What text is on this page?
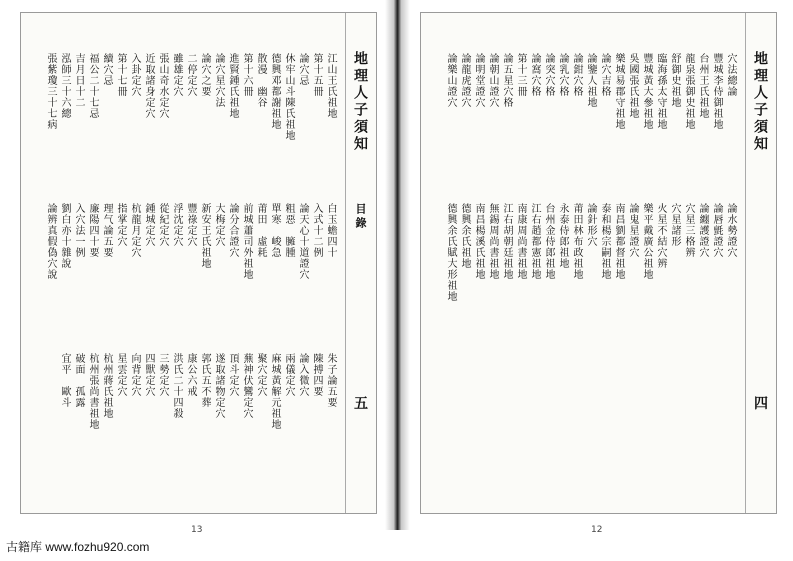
地理人子須知
目錄
五
江山王氏祖地
第十五冊
論穴忌
休牢山斗陳氏祖地
德興邓都謝祖地
散漫　幽谷
第十六冊
進賢鍾氏祖地
論穴星穴法
論穴之要
二停定穴
雖雄定穴
張山奇水定穴
近取諸身定穴
入卦定穴
第十七冊
續穴忌
福公二十七忌
吉月日十二
泓師三十六總
張紫瓊三十七病
白玉蟾四十
入式十二例
論天心十道證穴
粗惡　臃腫
單寒　峻急
莆田　虛耗
前城蕭司外祖地
論分合證穴
大梅定穴
新安王氏祖地
豐祿定穴
浮沈定穴
從紀定穴
鍾城定穴
杭龍月定穴
指掌定穴
理气論五要
廉陽四十要
入穴法一例
劉白亦十雜說
論辨真假偽穴說
朱子論五要
陳搏四要
論入微穴
兩儀定穴
麻城黃解元祖地
聚穴定穴
蕪神伏鸞定穴
頂斗定穴
遂取諸物定穴
郭氏五不葬
康公六戒
洪氏二十四殺
三勢定穴
四獸定穴
向背定穴
星雲定穴
杭州蔣氏祖地
杭州張尚書祖地
破面　孤露
宜平　歐斗
13
地理人子須知
四
穴法總論
豐城李侍御祖地
台州王氏祖地
龍泉張御史祖地
舒御史祖地
臨海孫太守祖地
豐城黃大參祖地
吳國張氏祖地
樂城易郡守祖地
論穴吉格
論鑒人祖地
論鉗穴格
論乳穴格
論突穴格
論窩穴格
第十三冊
論五星穴格
論朝山證穴
論明堂證穴
論龍虎證穴
論樂山證穴
論水勢證穴
論唇氈證穴
論纏護證穴
穴星三格辨
穴星諸形
火星不結穴辨
樂平戴廣公祖地
論鬼星證穴
南昌劉都督祖地
泰和楊宗嗣祖地
論針形穴
莆田林布政祖地
永泰侍郎祖地
台州金侍郎祖地
江右趙都憲祖地
南康周尚書祖地
江右胡朝廷祖地
無錫周尚書祖地
南昌楊溪氏祖地
德興余氏祖地
德興余氏賦大形祖地
12
古籍库 www.fozhu920.com
